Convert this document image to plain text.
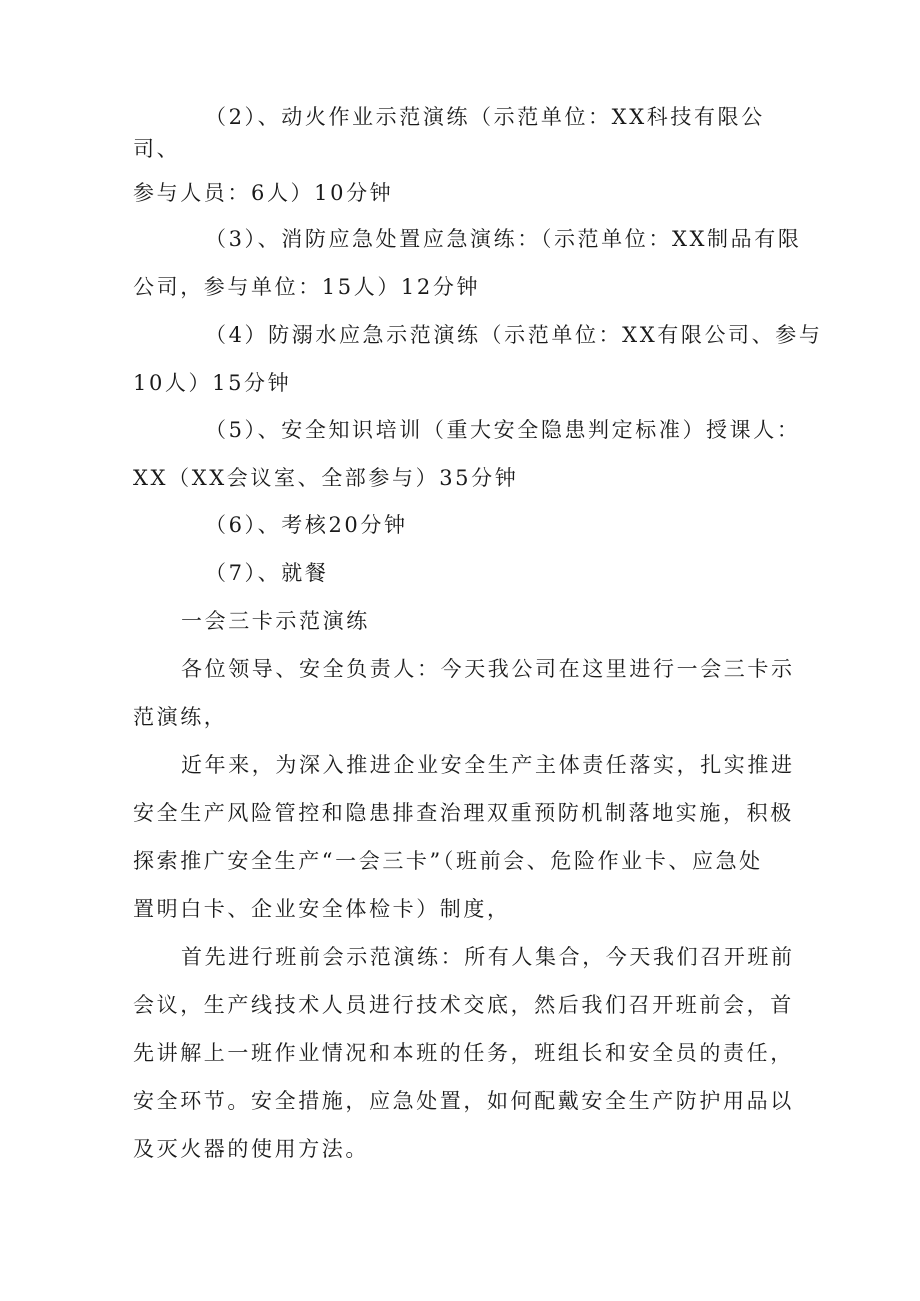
（2）、动火作业示范演练（示范单位：XX科技有限公
司、
参与人员：6人）10分钟
（3）、消防应急处置应急演练：（示范单位：XX制品有限
公司，参与单位：15人）12分钟
（4）防溺水应急示范演练（示范单位：XX有限公司、参与
10人）15分钟
（5）、安全知识培训（重大安全隐患判定标准）授课人：
XX（XX会议室、全部参与）35分钟
（6）、考核20分钟
（7）、就餐
一会三卡示范演练
各位领导、安全负责人：今天我公司在这里进行一会三卡示
范演练，
近年来，为深入推进企业安全生产主体责任落实，扎实推进
安全生产风险管控和隐患排查治理双重预防机制落地实施，积极
探索推广安全生产“一会三卡”（班前会、危险作业卡、应急处
置明白卡、企业安全体检卡）制度，
首先进行班前会示范演练：所有人集合，今天我们召开班前
会议，生产线技术人员进行技术交底，然后我们召开班前会，首
先讲解上一班作业情况和本班的任务，班组长和安全员的责任，
安全环节。安全措施，应急处置，如何配戴安全生产防护用品以
及灭火器的使用方法。
